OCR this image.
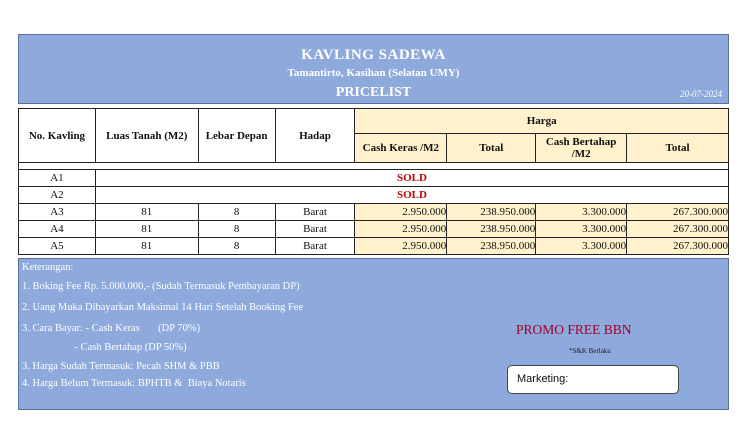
KAVLING SADEWA
Tamantirto, Kasihan (Selatan UMY)
PRICELIST	20-07-2024
No. Kavling	Luas Tanah (M2)	Lebar Depan	Hadap	Harga			
				Cash Keras /M2	Total	Cash Bertahap /M2	Total

A1	SOLD						
A2	SOLD						
A3	81	8	Barat	2.950.000	238.950.000	3.300.000	267.300.000
A4	81	8	Barat	2.950.000	238.950.000	3.300.000	267.300.000
A5	81	8	Barat	2.950.000	238.950.000	3.300.000	267.300.000
Keterangan:
1. Boking Fee Rp. 5.000.000,- (Sudah Termasuk Pembayaran DP)
2. Uang Muka Dibayarkan Maksimal 14 Hari Setelah Booking Fee
3. Cara Bayar: - Cash Keras       (DP 70%)
- Cash Bertahap (DP 50%)
3. Harga Sudah Termasuk: Pecah SHM & PBB
4. Harga Belum Termasuk: BPHTB &  Biaya Notaris
PROMO FREE BBN
*S&K Berlaku
Marketing:
